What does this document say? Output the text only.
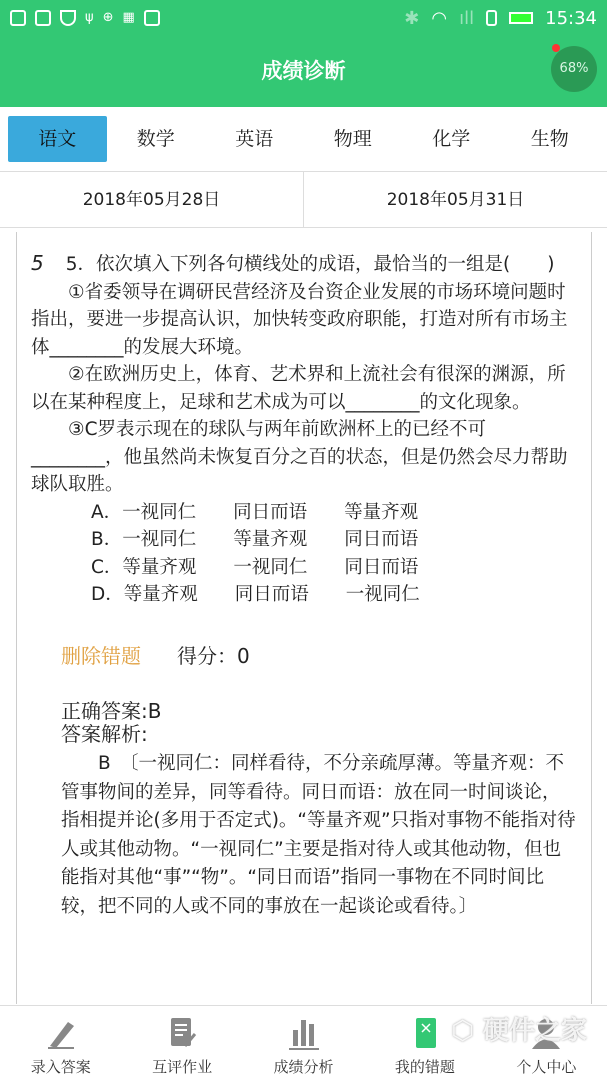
ψ ⊕ ▦	✱ ◠ ıll	15:34
成绩诊断	68%
语文	数学	英语	物理	化学	生物
2018年05月28日	2018年05月31日
5 5．依次填入下列各句横线处的成语，最恰当的一组是(　　)
①省委领导在调研民营经济及台资企业发展的市场环境问题时指出，要进一步提高认识，加快转变政府职能，打造对所有市场主体________的发展大环境。
②在欧洲历史上，体育、艺术界和上流社会有很深的渊源，所以在某种程度上，足球和艺术成为可以________的文化现象。
③C罗表示现在的球队与两年前欧洲杯上的已经不可________，他虽然尚未恢复百分之百的状态，但是仍然会尽力帮助球队取胜。
A．一视同仁　　同日而语　　等量齐观
B．一视同仁　　等量齐观　　同日而语
C．等量齐观　　一视同仁　　同日而语
D．等量齐观　　同日而语　　一视同仁
删除错题 得分：0
正确答案:B
答案解析:
B　〔一视同仁：同样看待，不分亲疏厚薄。等量齐观：不管事物间的差异，同等看待。同日而语：放在同一时间谈论，指相提并论(多用于否定式)。“等量齐观”只指对事物不能指对待人或其他动物。“一视同仁”主要是指对待人或其他动物，但也能指对其他“事”“物”。“同日而语”指同一事物在不同时间比较，把不同的人或不同的事放在一起谈论或看待。〕
录入答案	互评作业	成绩分析	我的错题	个人中心
⬡ 硬件之家
